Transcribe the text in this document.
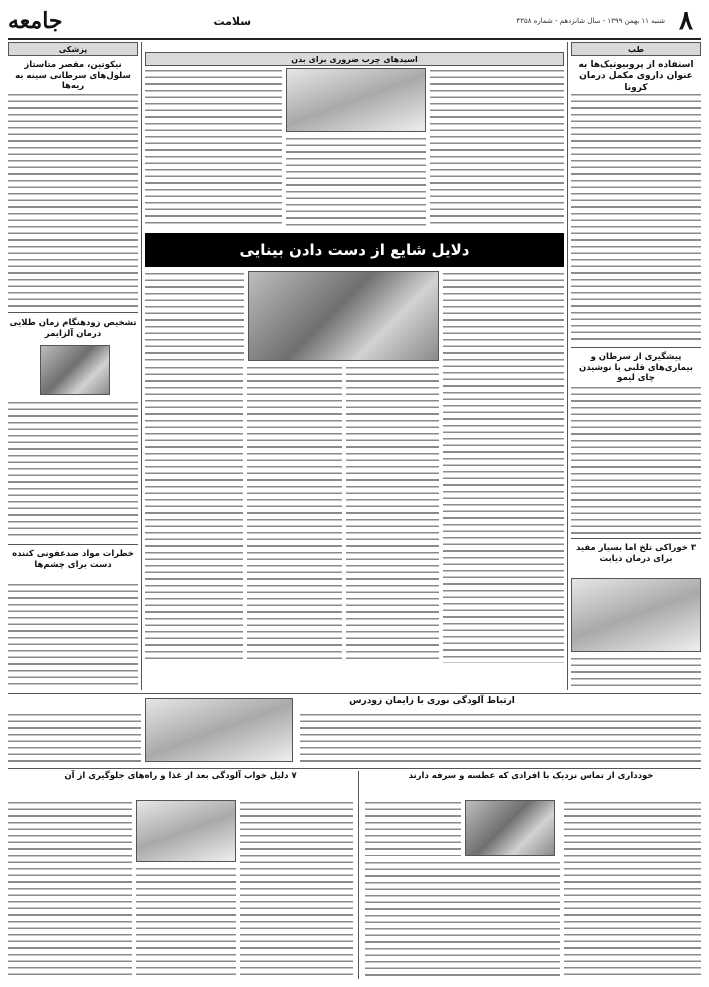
۸
شنبه ۱۱ بهمن ۱۳۹۹ - سال شانزدهم - شماره ۴۳۵۸
سلامت
جامعه
طب
استفاده از پروبیوتیک‌ها به عنوان داروی مکمل درمان کرونا
پیشگیری از سرطان و بیماری‌های قلبی با نوشیدن چای لیمو
۳ خوراکی تلخ اما بسیار مفید برای درمان دیابت
پزشکی
نیکوتین، مقصر متاستاز سلول‌های سرطانی سینه به ریه‌ها
تشخیص زودهنگام زمان طلایی درمان آلزایمر
خطرات مواد ضدعفونی کننده دست برای چشم‌ها
اسیدهای چرب ضروری برای بدن
دلایل شایع از دست دادن بینایی
ارتباط آلودگی نوری با زایمان زودرس
خودداری از تماس نزدیک با افرادی که عطسه و سرفه دارند
۷ دلیل خواب آلودگی بعد از غذا و راه‌های جلوگیری از آن
